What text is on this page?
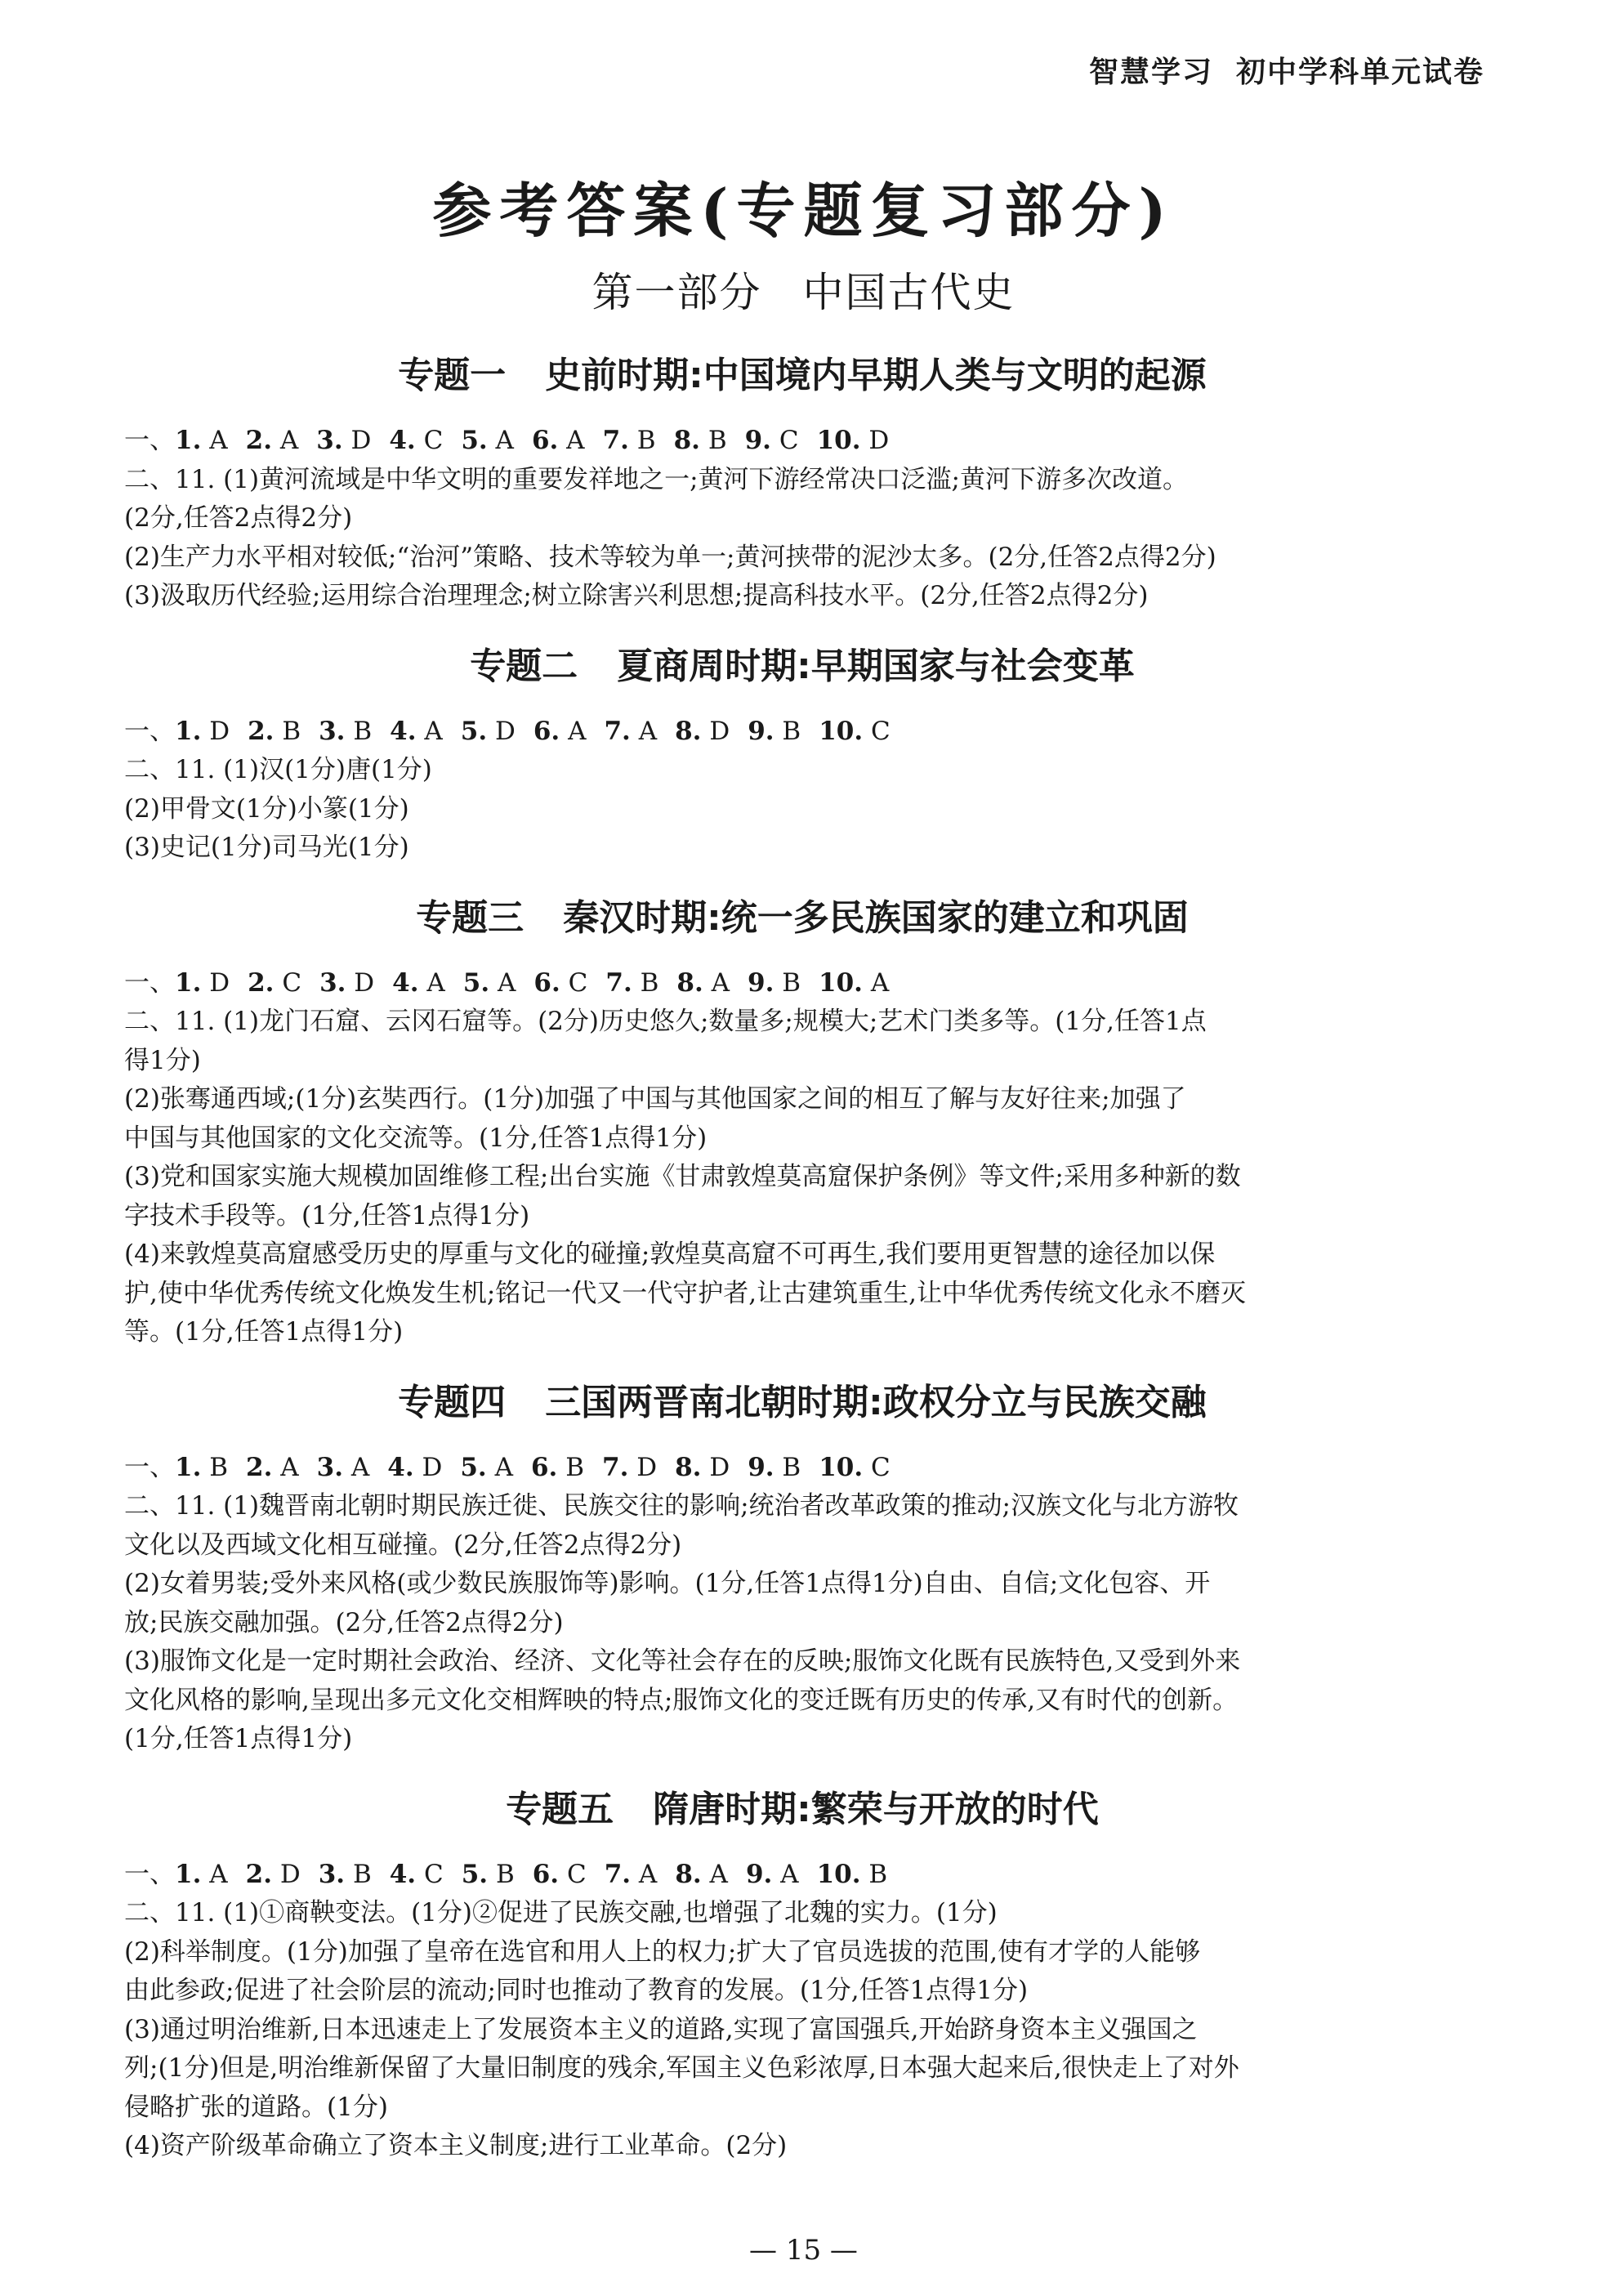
智慧学习 初中学科单元试卷
参考答案(专题复习部分)
第一部分 中国古代史
专题一 史前时期:中国境内早期人类与文明的起源
一、1. A 2. A 3. D 4. C 5. A 6. A 7. B 8. B 9. C 10. D
二、11. (1)黄河流域是中华文明的重要发祥地之一;黄河下游经常决口泛滥;黄河下游多次改道。
(2分,任答2点得2分)
(2)生产力水平相对较低;“治河”策略、技术等较为单一;黄河挟带的泥沙太多。(2分,任答2点得2分)
(3)汲取历代经验;运用综合治理理念;树立除害兴利思想;提高科技水平。(2分,任答2点得2分)
专题二 夏商周时期:早期国家与社会变革
一、1. D 2. B 3. B 4. A 5. D 6. A 7. A 8. D 9. B 10. C
二、11. (1)汉(1分)唐(1分)
(2)甲骨文(1分)小篆(1分)
(3)史记(1分)司马光(1分)
专题三 秦汉时期:统一多民族国家的建立和巩固
一、1. D 2. C 3. D 4. A 5. A 6. C 7. B 8. A 9. B 10. A
二、11. (1)龙门石窟、云冈石窟等。(2分)历史悠久;数量多;规模大;艺术门类多等。(1分,任答1点
得1分)
(2)张骞通西域;(1分)玄奘西行。(1分)加强了中国与其他国家之间的相互了解与友好往来;加强了
中国与其他国家的文化交流等。(1分,任答1点得1分)
(3)党和国家实施大规模加固维修工程;出台实施《甘肃敦煌莫高窟保护条例》等文件;采用多种新的数
字技术手段等。(1分,任答1点得1分)
(4)来敦煌莫高窟感受历史的厚重与文化的碰撞;敦煌莫高窟不可再生,我们要用更智慧的途径加以保
护,使中华优秀传统文化焕发生机;铭记一代又一代守护者,让古建筑重生,让中华优秀传统文化永不磨灭
等。(1分,任答1点得1分)
专题四 三国两晋南北朝时期:政权分立与民族交融
一、1. B 2. A 3. A 4. D 5. A 6. B 7. D 8. D 9. B 10. C
二、11. (1)魏晋南北朝时期民族迁徙、民族交往的影响;统治者改革政策的推动;汉族文化与北方游牧
文化以及西域文化相互碰撞。(2分,任答2点得2分)
(2)女着男装;受外来风格(或少数民族服饰等)影响。(1分,任答1点得1分)自由、自信;文化包容、开
放;民族交融加强。(2分,任答2点得2分)
(3)服饰文化是一定时期社会政治、经济、文化等社会存在的反映;服饰文化既有民族特色,又受到外来
文化风格的影响,呈现出多元文化交相辉映的特点;服饰文化的变迁既有历史的传承,又有时代的创新。
(1分,任答1点得1分)
专题五 隋唐时期:繁荣与开放的时代
一、1. A 2. D 3. B 4. C 5. B 6. C 7. A 8. A 9. A 10. B
二、11. (1)①商鞅变法。(1分)②促进了民族交融,也增强了北魏的实力。(1分)
(2)科举制度。(1分)加强了皇帝在选官和用人上的权力;扩大了官员选拔的范围,使有才学的人能够
由此参政;促进了社会阶层的流动;同时也推动了教育的发展。(1分,任答1点得1分)
(3)通过明治维新,日本迅速走上了发展资本主义的道路,实现了富国强兵,开始跻身资本主义强国之
列;(1分)但是,明治维新保留了大量旧制度的残余,军国主义色彩浓厚,日本强大起来后,很快走上了对外
侵略扩张的道路。(1分)
(4)资产阶级革命确立了资本主义制度;进行工业革命。(2分)
— 15 —
